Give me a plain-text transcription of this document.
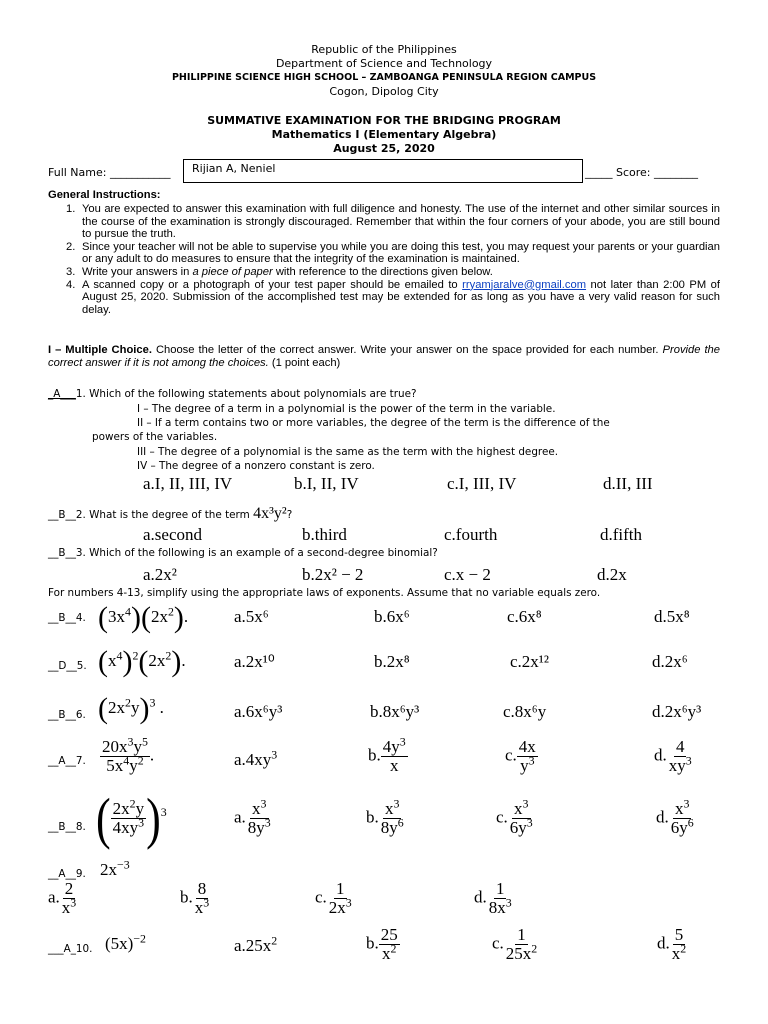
Republic of the Philippines
Department of Science and Technology
PHILIPPINE SCIENCE HIGH SCHOOL – ZAMBOANGA PENINSULA REGION CAMPUS
Cogon, Dipolog City
SUMMATIVE EXAMINATION FOR THE BRIDGING PROGRAM
Mathematics I (Elementary Algebra)
August 25, 2020
Full Name: ___________	Rijian A, Neniel	_____ Score: ________
General Instructions:
1. You are expected to answer this examination with full diligence and honesty. The use of the internet and other similar sources in the course of the examination is strongly discouraged. Remember that within the four corners of your abode, you are still bound to pursue the truth.
2. Since your teacher will not be able to supervise you while you are doing this test, you may request your parents or your guardian or any adult to do measures to ensure that the integrity of the examination is maintained.
3. Write your answers in a piece of paper with reference to the directions given below.
4. A scanned copy or a photograph of your test paper should be emailed to rryamjaralve@gmail.com not later than 2:00 PM of August 25, 2020. Submission of the accomplished test may be extended for as long as you have a very valid reason for such delay.
I – Multiple Choice. Choose the letter of the correct answer. Write your answer on the space provided for each number. Provide the correct answer if it is not among the choices. (1 point each)
_A___1. Which of the following statements about polynomials are true?
I – The degree of a term in a polynomial is the power of the term in the variable.
II – If a term contains two or more variables, the degree of the term is the difference of the
powers of the variables.
III – The degree of a polynomial is the same as the term with the highest degree.
IV – The degree of a nonzero constant is zero.
a.I, II, III, IV	b.I, II, IV	c.I, III, IV	d.II, III
__B__2. What is the degree of the term 4x³y²?
a.second	b.third	c.fourth	d.fifth
__B__3. Which of the following is an example of a second-degree binomial?
a.2x²	b.2x² − 2	c.x − 2	d.2x
For numbers 4-13, simplify using the appropriate laws of exponents. Assume that no variable equals zero.
__B__4. $(3x^4)(2x^2)$.	a.5x⁶	b.6x⁶	c.6x⁸	d.5x⁸
__D__5. $(x^4)^2(2x^2)$.	a.2x¹⁰	b.2x⁸	c.2x¹²	d.2x⁶
__B__6. $(2x^2y)^3$ .	a.6x⁶y³	b.8x⁶y³	c.8x⁶y	d.2x⁶y³
__A__7. $\frac{20x^3y^5}{5x^4y^2}$ .	$a.4xy^3$	b. $\frac{4y^3}{x}$	c. $\frac{4x}{y^3}$	d. $\frac{4}{xy^3}$
__B__8. ( $\frac{2x^2y}{4xy^3} )^3$	a. $\frac{x^3}{8y^3}$	b. $\frac{x^3}{8y^6}$	c. $\frac{x^3}{6y^3}$	d. $\frac{x^3}{6y^6}$
__A__9. $2x^{-3}$
a. $\frac{2}{x^3}$	b. $\frac{8}{x^3}$	c. $\frac{1}{2x^3}$	d. $\frac{1}{8x^3}$
___A_10. $(5x)^{-2}$	$a.25x^2$	b. $\frac{25}{x^2}$	c. $\frac{1}{25x^2}$	d. $\frac{5}{x^2}$
